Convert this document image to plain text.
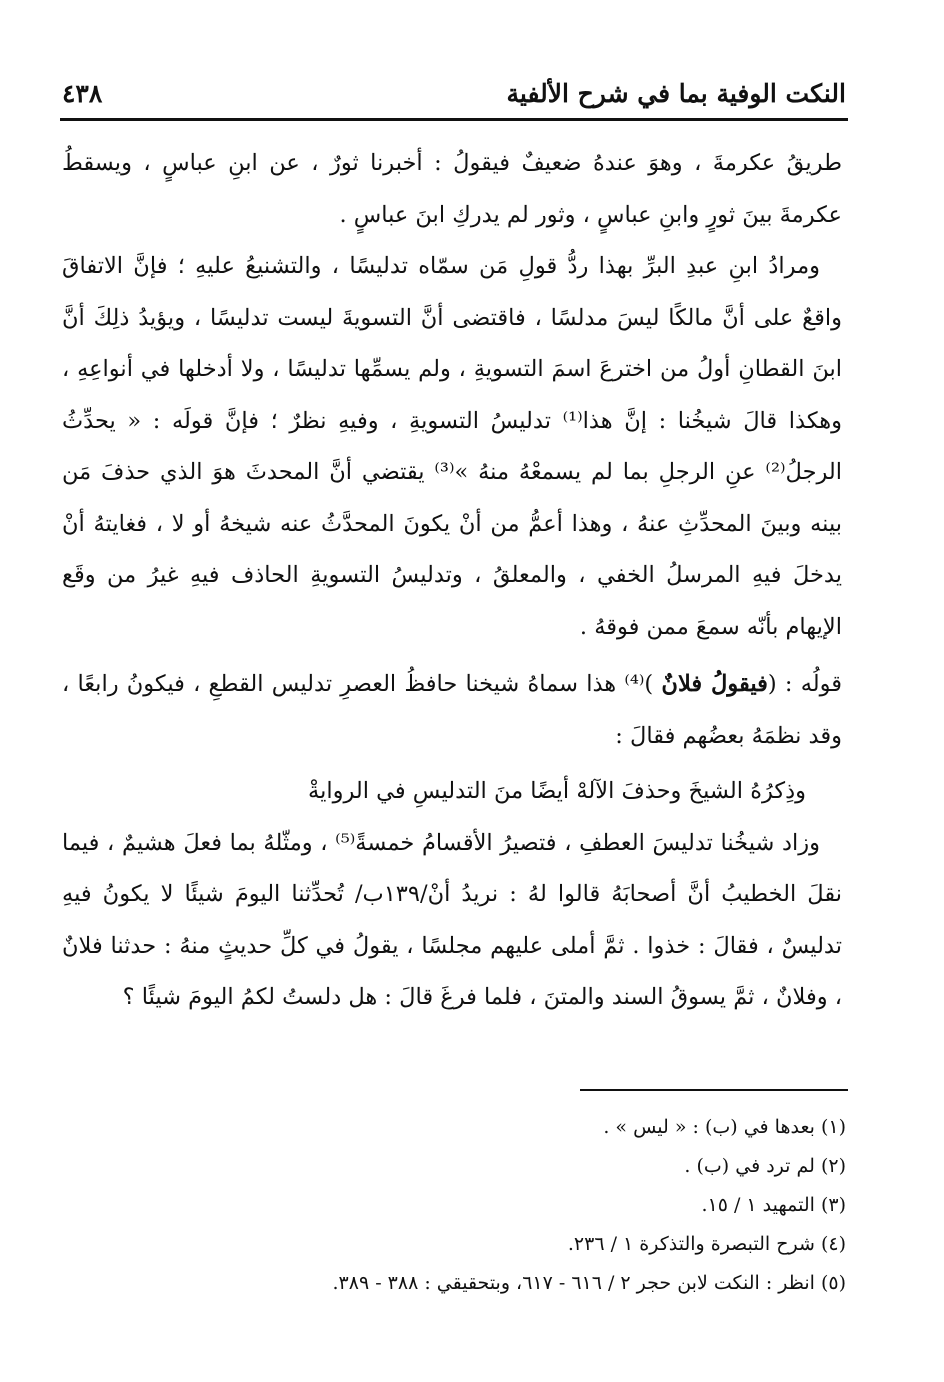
النكت الوفية بما في شرح الألفية
٤٣٨

طريقُ عكرمةَ ، وهوَ عندهُ ضعيفٌ فيقولُ : أخبرنا ثورٌ ، عن ابنِ عباسٍ ، ويسقطُ عكرمةَ بينَ ثورٍ وابنِ عباسٍ ، وثور لم يدركِ ابنَ عباسٍ .

ومرادُ ابنِ عبدِ البرِّ بهذا ردُّ قولِ مَن سمّاه تدليسًا ، والتشنيعُ عليهِ ؛ فإنَّ الاتفاقَ واقعٌ على أنَّ مالكًا ليسَ مدلسًا ، فاقتضى أنَّ التسويةَ ليست تدليسًا ، ويؤيدُ ذلِكَ أنَّ ابنَ القطانِ أولُ من اخترعَ اسمَ التسويةِ ، ولم يسمِّها تدليسًا ، ولا أدخلها في أنواعِهِ ، وهكذا قالَ شيخُنا : إنَّ هذا⁽¹⁾ تدليسُ التسويةِ ، وفيهِ نظرٌ ؛ فإنَّ قولَه : « يحدِّثُ الرجلُ⁽²⁾ عنِ الرجلِ بما لم يسمعْهُ منهُ »⁽³⁾ يقتضي أنَّ المحدثَ هوَ الذي حذفَ مَن بينه وبينَ المحدِّثِ عنهُ ، وهذا أعمُّ من أنْ يكونَ المحدَّثُ عنه شيخهُ أو لا ، فغايتهُ أنْ يدخلَ فيهِ المرسلُ الخفي ، والمعلقُ ، وتدليسُ التسويةِ الحاذف فيهِ غيرُ من وقَع الإيهام بأنّه سمعَ ممن فوقهُ .

قولُه : (فيقولُ فلانٌ )⁽⁴⁾ هذا سماهُ شيخنا حافظُ العصرِ تدليس القطعِ ، فيكونُ رابعًا ، وقد نظمَهُ بعضُهم فقالَ :

وذِكرُهُ الشيخَ وحذفَ الآلهْ أيضًا منَ التدليسِ في الروايةْ

وزاد شيخُنا تدليسَ العطفِ ، فتصيرُ الأقسامُ خمسةً⁽⁵⁾ ، ومثّلهُ بما فعلَ هشيمٌ ، فيما نقلَ الخطيبُ أنَّ أصحابَهُ قالوا لهُ : نريدُ أنْ/١٣٩ب/ تُحدِّثنا اليومَ شيئًا لا يكونُ فيهِ تدليسٌ ، فقالَ : خذوا . ثمَّ أملى عليهم مجلسًا ، يقولُ في كلِّ حديثٍ منهُ : حدثنا فلانٌ ، وفلانٌ ، ثمَّ يسوقُ السند والمتنَ ، فلما فرغَ قالَ : هل دلستُ لكمُ اليومَ شيئًا ؟

(١) بعدها في (ب) : « ليس » .
(٢) لم ترد في (ب) .
(٣) التمهيد ١ / ١٥.
(٤) شرح التبصرة والتذكرة ١ / ٢٣٦.
(٥) انظر : النكت لابن حجر ٢ / ٦١٦ - ٦١٧، وبتحقيقي : ٣٨٨ - ٣٨٩.
